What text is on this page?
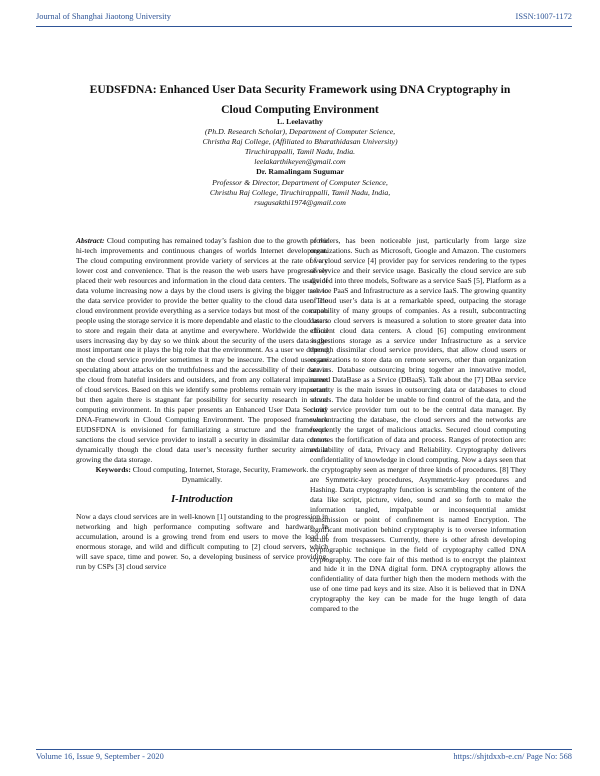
Journal of Shanghai Jiaotong University	ISSN:1007-1172
EUDSFDNA: Enhanced User Data Security Framework using DNA Cryptography in
Cloud Computing Environment
L. Leelavathy
(Ph.D. Research Scholar), Department of Computer Science,
Christha Raj College, (Affiliated to Bharathidasan University)
Tiruchirappalli, Tamil Nadu, India.
leelakarthikeyen@gmail.com
Dr. Ramalingam Sugumar
Professor & Director, Department of Computer Science,
Christhu Raj College, Tiruchirappalli, Tamil Nadu, India,
rsugusakthi1974@gmail.com

Abstract: Cloud computing has remained today’s fashion due to the growth of the hi-tech improvements and continuous changes of worlds Internet development. The cloud computing environment provide variety of services at the rate of very lower cost and convenience. That is the reason the web users have progressively placed their web resources and information in the cloud data centers. The usage of data volume increasing now a days by the cloud users is giving the bigger task to the data service provider to provide the better quality to the cloud data user. The cloud environment provide everything as a service todays but most of the common people using the storage service it is more dependable and elastic to the cloud users to store and regain their data at anytime and everywhere. Worldwide the cloud users increasing day by day so we think about the security of the users data is the most important one it plays the big role that the environment. As a user we depend on the cloud service provider sometimes it may be insecure. The cloud users are speculating about attacks on the truthfulness and the accessibility of their data in the cloud from hateful insiders and outsiders, and from any collateral impairment of cloud services. Based on this we identify some problems remain very important but then again there is stagnant far possibility for security research in cloud computing environment. In this paper presents an Enhanced User Data Security DNA-Framework in Cloud Computing Environment. The proposed framework EUDSFDNA is envisioned for familiarizing a structure and the framework sanctions the cloud service provider to install a security in dissimilar data centers dynamically though the cloud data user’s necessity further security aimed at growing the data storage.

Keywords: Cloud computing, Internet, Storage, Security, Framework. Dynamically.

I-Introduction

Now a days cloud services are in well-known [1] outstanding to the progression in networking and high performance computing software and hardware. In accumulation, around is a growing trend from end users to move the load of enormous storage, and wild and difficult computing to [2] cloud servers, which will save space, time and power. So, a developing business of service providing, run by CSPs [3] cloud service

providers, has been noticeable just, particularly from large size organizations. Such as Microsoft, Google and Amazon. The customers of a cloud service [4] provider pay for services rendering to the types of service and their service usage. Basically the cloud service are sub divided into three models, Software as a service SaaS [5], Platform as a service PaaS and Infrastructure as a service IaaS. The growing quantity of cloud user’s data is at a remarkable speed, outpacing the storage capability of many groups of companies. As a result, subcontracting data to cloud servers is measured a solution to store greater data into efficient cloud data centers. A cloud [6] computing environment suggestions storage as a service under Infrastructure as a service through dissimilar cloud service providers, that allow cloud users or organizations to store data on remote servers, other than organization servers. Database outsourcing bring together an innovative model, named DataBase as a Srvice (DBaaS). Talk about the [7] DBaa service security is the main issues in outsourcing data or databases to cloud servers. The data holder be unable to find control of the data, and the cloud service provider turn out to be the central data manager. By subcontracting the database, the cloud servers and the networks are frequently the target of malicious attacks. Secured cloud computing denotes the fortification of data and process. Ranges of protection are: availability of data, Privacy and Reliability. Cryptography delivers confidentiality of knowledge in cloud computing. Now a days seen that the cryptography seen as merger of three kinds of procedures. [8] They are Symmetric-key procedures, Asymmetric-key procedures and Hashing. Data cryptography function is scrambling the content of the data like script, picture, video, sound and so forth to make the information tangled, impalpable or inconsequential amidst transmission or point of confinement is named Encryption. The significant motivation behind cryptography is to oversee information secure from trespassers. Currently, there is other afresh developing cryptographic technique in the field of cryptography called DNA cryptography. The core fair of this method is to encrypt the plaintext and hide it in the DNA digital form. DNA cryptography allows the confidentiality of data further high then the modern methods with the use of one time pad keys and its size. Also it is believed that in DNA cryptography the key can be made for the huge length of data compared to the

Volume 16, Issue 9, September - 2020	https://shjtdxxb-e.cn/ Page No: 568
